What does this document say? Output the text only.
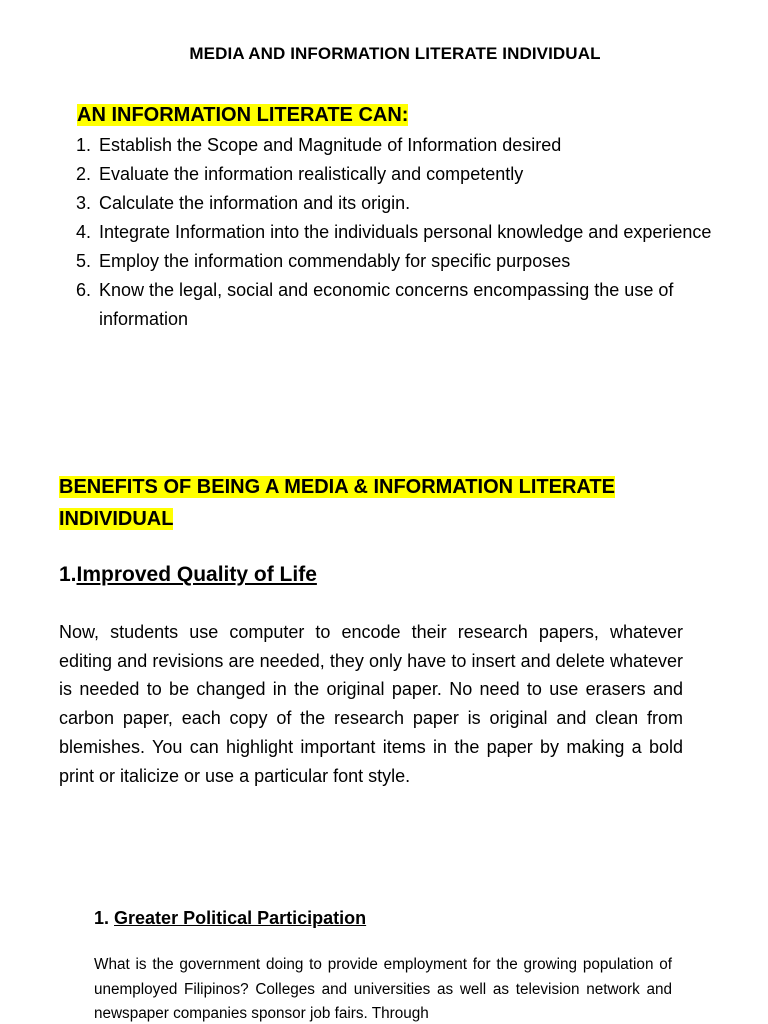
MEDIA AND INFORMATION LITERATE INDIVIDUAL
AN INFORMATION LITERATE CAN:
1. Establish the Scope and Magnitude of Information desired
2. Evaluate the information realistically and competently
3. Calculate the information and its origin.
4. Integrate Information into the individuals personal knowledge and experience
5. Employ the information commendably for specific purposes
6. Know the legal, social and economic concerns encompassing the use of information
BENEFITS OF BEING A MEDIA & INFORMATION LITERATE INDIVIDUAL
1.Improved Quality of Life

Now, students use computer to encode their research papers, whatever editing and revisions are needed, they only have to insert and delete whatever is needed to be changed in the original paper. No need to use erasers and carbon paper, each copy of the research paper is original and clean from blemishes. You can highlight important items in the paper by making a bold print or italicize or use a particular font style.

1. Greater Political Participation

What is the government doing to provide employment for the growing population of unemployed Filipinos? Colleges and universities as well as television network and newspaper companies sponsor job fairs. Through
